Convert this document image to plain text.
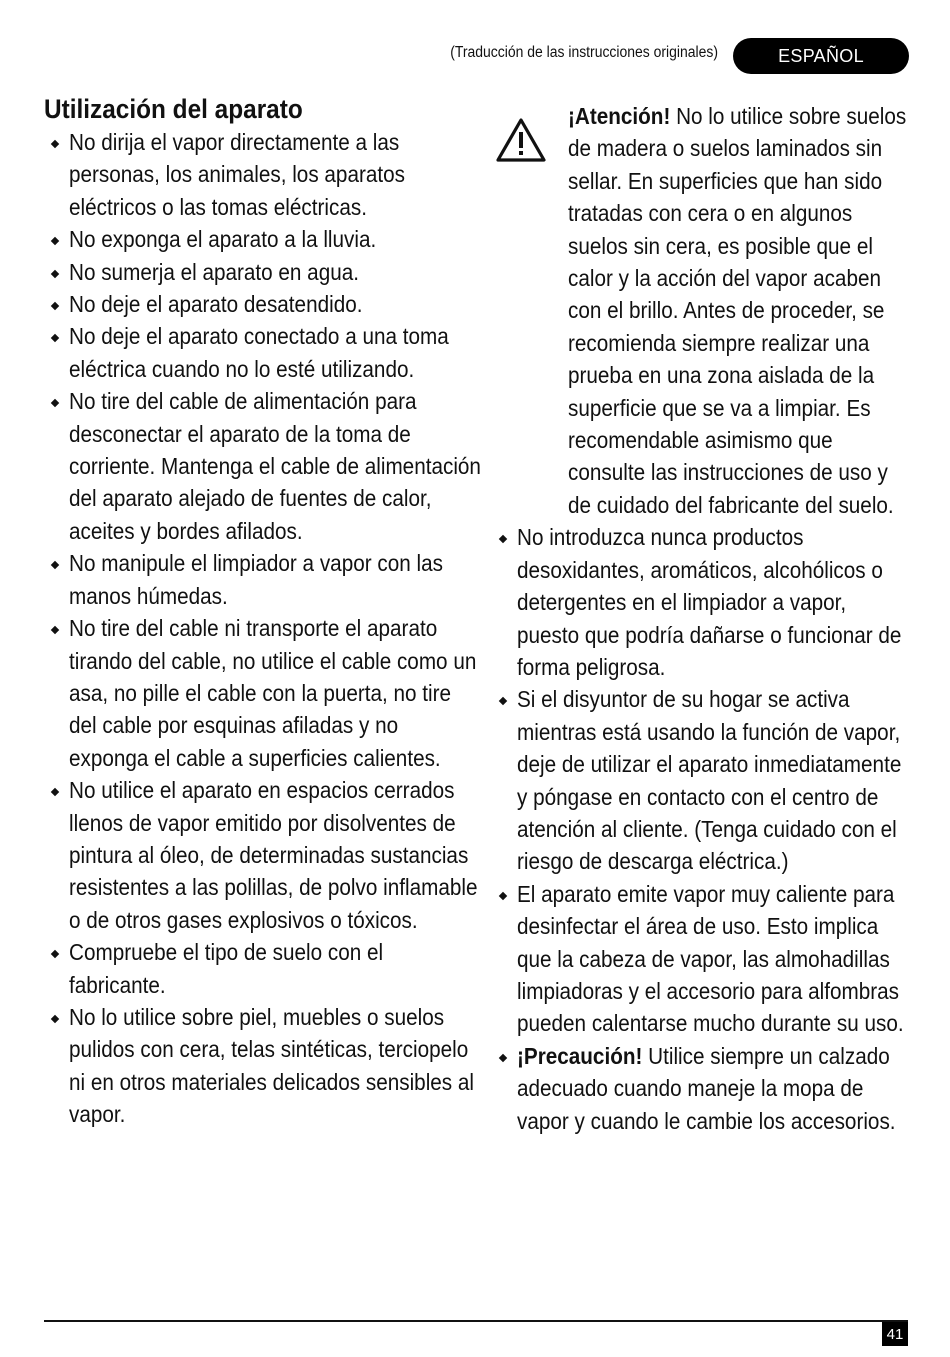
(Traducción de las instrucciones originales)	ESPAÑOL
Utilización del aparato
No dirija el vapor directamente a las personas, los animales, los aparatos eléctricos o las tomas eléctricas.
No exponga el aparato a la lluvia.
No sumerja el aparato en agua.
No deje el aparato desatendido.
No deje el aparato conectado a una toma eléctrica cuando no lo esté utilizando.
No tire del cable de alimentación para desconectar el aparato de la toma de corriente. Mantenga el cable de alimentación del aparato alejado de fuentes de calor, aceites y bordes afilados.
No manipule el limpiador a vapor con las manos húmedas.
No tire del cable ni transporte el aparato tirando del cable, no utilice el cable como un asa, no pille el cable con la puerta, no tire del cable por esquinas afiladas y no exponga el cable a superficies calientes.
No utilice el aparato en espacios cerrados llenos de vapor emitido por disolventes de pintura al óleo, de determinadas sustancias resistentes a las polillas, de polvo inflamable o de otros gases explosivos o tóxicos.
Compruebe el tipo de suelo con el fabricante.
No lo utilice sobre piel, muebles o suelos pulidos con cera, telas sintéticas, terciopelo ni en otros materiales delicados sensibles al vapor.
¡Atención! No lo utilice sobre suelos de madera o suelos laminados sin sellar. En superficies que han sido tratadas con cera o en algunos suelos sin cera, es posible que el calor y la acción del vapor acaben con el brillo. Antes de proceder, se recomienda siempre realizar una prueba en una zona aislada de la superficie que se va a limpiar. Es recomendable asimismo que consulte las instrucciones de uso y de cuidado del fabricante del suelo.
No introduzca nunca productos desoxidantes, aromáticos, alcohólicos o detergentes en el limpiador a vapor, puesto que podría dañarse o funcionar de forma peligrosa.
Si el disyuntor de su hogar se activa mientras está usando la función de vapor, deje de utilizar el aparato inmediatamente y póngase en contacto con el centro de atención al cliente. (Tenga cuidado con el riesgo de descarga eléctrica.)
El aparato emite vapor muy caliente para desinfectar el área de uso. Esto implica que la cabeza de vapor, las almohadillas limpiadoras y el accesorio para alfombras pueden calentarse mucho durante su uso.
¡Precaución! Utilice siempre un calzado adecuado cuando maneje la mopa de vapor y cuando le cambie los accesorios.
41
